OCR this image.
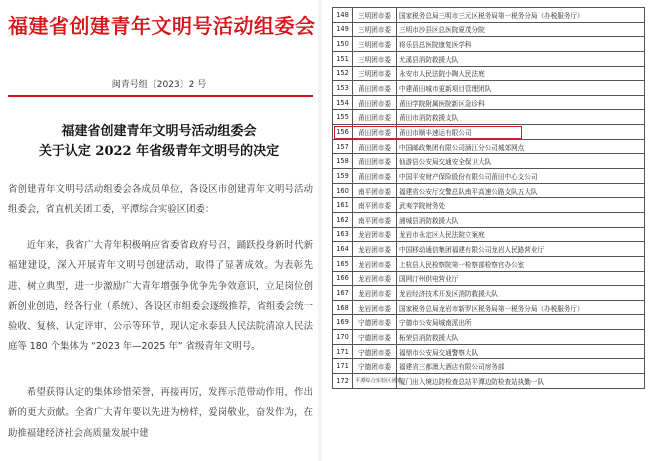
福建省创建青年文明号活动组委会
闽青号组〔2023〕2 号
福建省创建青年文明号活动组委会
关于认定 2022 年省级青年文明号的决定
省创建青年文明号活动组委会各成员单位，各设区市创建青年文明号活动组委会，省直机关团工委，平潭综合实验区团委：
近年来，我省广大青年积极响应省委省政府号召，踊跃投身新时代新福建建设，深入开展青年文明号创建活动，取得了显著成效。为表彰先进、树立典型，进一步激励广大青年增强争优争先争效意识，立足岗位创新创业创造，经各行业（系统）、各设区市组委会逐级推荐，省组委会统一验收、复核、认定评审、公示等环节，现认定永泰县人民法院清凉人民法庭等 180 个集体为 “2023 年—2025 年” 省级青年文明号。
希望获得认定的集体珍惜荣誉，再接再厉，发挥示范带动作用，作出新的更大贡献。全省广大青年要以先进为榜样，爱岗敬业，奋发作为，在助推福建经济社会高质量发展中建
148	三明团市委	国家税务总局三明市三元区税务局第一税务分局（办税服务厅）
149	三明团市委	三明市沙县区总医院夏茂分院
150	三明团市委	将乐县总医院康复医学科
151	三明团市委	尤溪县消防救援大队
152	三明团市委	永安市人民法院小陶人民法庭
153	莆田团市委	中建莆田城市更新项目管理团队
154	莆田团市委	莆田学院附属医院新区急诊科
155	莆田团市委	莆田市消防救援支队
156	莆田团市委	莆田市顺丰速运有限公司
157	莆田团市委	中国邮政集团有限公司涵江分公司城郊网点
158	莆田团市委	仙游县公安局交通安全保卫大队
159	莆田团市委	中国平安财产保险股份有限公司莆田中心支公司
160	南平团市委	福建省公安厅交警总队南平高速公路支队五大队
161	南平团市委	武夷学院财务处
162	南平团市委	浦城县消防救援大队
163	龙岩团市委	龙岩市永定区人民法院立案庭
164	龙岩团市委	中国移动通信集团福建有限公司龙岩人民路营业厅
165	龙岩团市委	上杭县人民检察院第一检察部检察官办公室
166	龙岩团市委	国网汀州供电营业厅
167	龙岩团市委	龙岩经济技术开发区消防救援大队
168	龙岩团市委	国家税务总局龙岩市新罗区税务局第一税务分局（办税服务厅）
169	宁德团市委	宁德市公安局城南派出所
170	宁德团市委	柘荣县消防救援大队
171	宁德团市委	福鼎市公安局交通警察大队
171	宁德团市委	福建省三都澳大酒店有限公司房务部
172	平潭综合实验区团委	厦门出入境边防检查总站平潭边防检查站执勤一队
